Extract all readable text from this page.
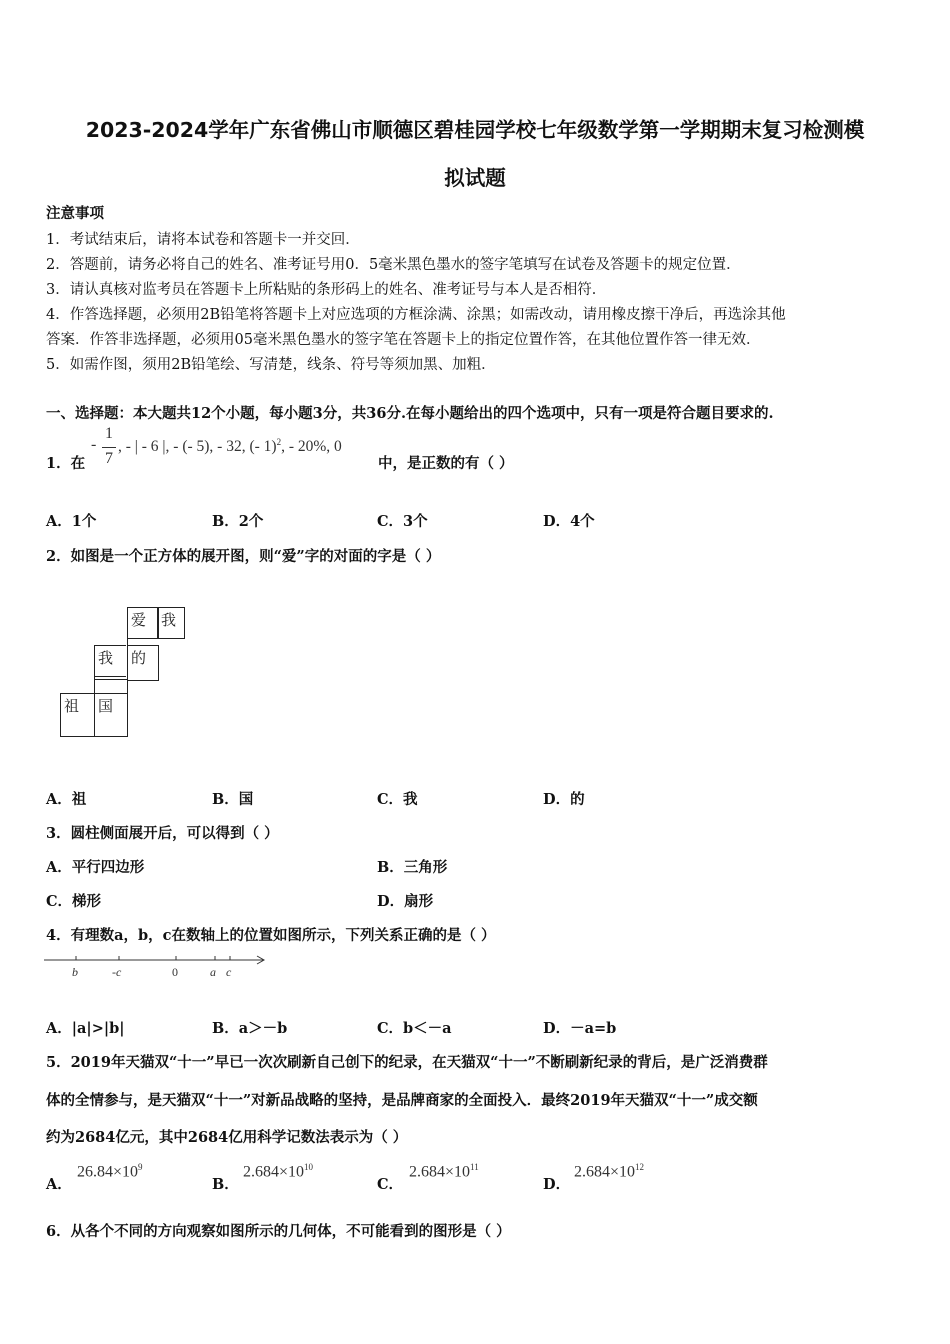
2023-2024学年广东省佛山市顺德区碧桂园学校七年级数学第一学期期末复习检测模
拟试题
注意事项
1．考试结束后，请将本试卷和答题卡一并交回．
2．答题前，请务必将自己的姓名、准考证号用0．5毫米黑色墨水的签字笔填写在试卷及答题卡的规定位置．
3．请认真核对监考员在答题卡上所粘贴的条形码上的姓名、准考证号与本人是否相符．
4．作答选择题，必须用2B铅笔将答题卡上对应选项的方框涂满、涂黑；如需改动，请用橡皮擦干净后，再选涂其他
答案．作答非选择题，必须用05毫米黑色墨水的签字笔在答题卡上的指定位置作答，在其他位置作答一律无效．
5．如需作图，须用2B铅笔绘、写清楚，线条、符号等须加黑、加粗．
一、选择题：本大题共12个小题，每小题3分，共36分.在每小题给出的四个选项中，只有一项是符合题目要求的.
1．在
-
1
7
, - | - 6 |, - (- 5), - 32, (- 1)$^2$, - 20%, 0
中，是正数的有（ ）
A．1个	B．2个	C．3个	D．4个
2．如图是一个正方体的展开图，则“爱”字的对面的字是（ ）
爱 我
我	的
祖	国
A．祖	B．国	C．我	D．的
3．圆柱侧面展开后，可以得到（ ）
A．平行四边形	B．三角形
C．梯形	D．扇形
4．有理数a，b，c在数轴上的位置如图所示，下列关系正确的是（ ）
b	-c	0	a c
A．|a|>|b|	B．a＞－b	C．b＜－a	D．－a=b
5．2019年天猫双“十一”早已一次次刷新自己创下的纪录，在天猫双“十一”不断刷新纪录的背后，是广泛消费群
体的全情参与，是天猫双“十一”对新品战略的坚持，是品牌商家的全面投入．最终2019年天猫双“十一”成交额
约为2684亿元，其中2684亿用科学记数法表示为（ ）
A．
$26.84\times 10^9$
B．
$2.684\times 10^{10}$
C．
$2.684\times 10^{11}$
D．
$2.684\times 10^{12}$
6．从各个不同的方向观察如图所示的几何体，不可能看到的图形是（ ）
